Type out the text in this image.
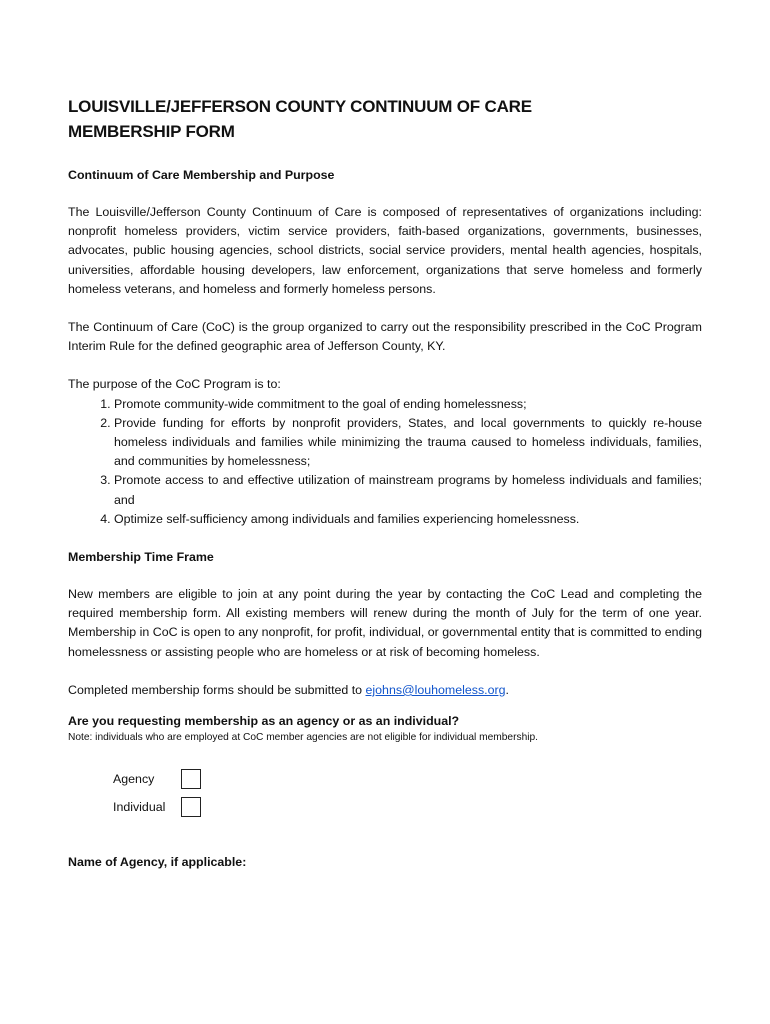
LOUISVILLE/JEFFERSON COUNTY CONTINUUM OF CARE
MEMBERSHIP FORM
Continuum of Care Membership and Purpose

The Louisville/Jefferson County Continuum of Care is composed of representatives of organizations including: nonprofit homeless providers, victim service providers, faith-based organizations, governments, businesses, advocates, public housing agencies, school districts, social service providers, mental health agencies, hospitals, universities, affordable housing developers, law enforcement, organizations that serve homeless and formerly homeless veterans, and homeless and formerly homeless persons.

The Continuum of Care (CoC) is the group organized to carry out the responsibility prescribed in the CoC Program Interim Rule for the defined geographic area of Jefferson County, KY.

The purpose of the CoC Program is to:

1. Promote community-wide commitment to the goal of ending homelessness;
2. Provide funding for efforts by nonprofit providers, States, and local governments to quickly re-house homeless individuals and families while minimizing the trauma caused to homeless individuals, families, and communities by homelessness;
3. Promote access to and effective utilization of mainstream programs by homeless individuals and families; and
4. Optimize self-sufficiency among individuals and families experiencing homelessness.
Membership Time Frame

New members are eligible to join at any point during the year by contacting the CoC Lead and completing the required membership form. All existing members will renew during the month of July for the term of one year. Membership in CoC is open to any nonprofit, for profit, individual, or governmental entity that is committed to ending homelessness or assisting people who are homeless or at risk of becoming homeless.

Completed membership forms should be submitted to ejohns@louhomeless.org.

Are you requesting membership as an agency or as an individual?
Note: individuals who are employed at CoC member agencies are not eligible for individual membership.
Agency
Individual
Name of Agency, if applicable:
